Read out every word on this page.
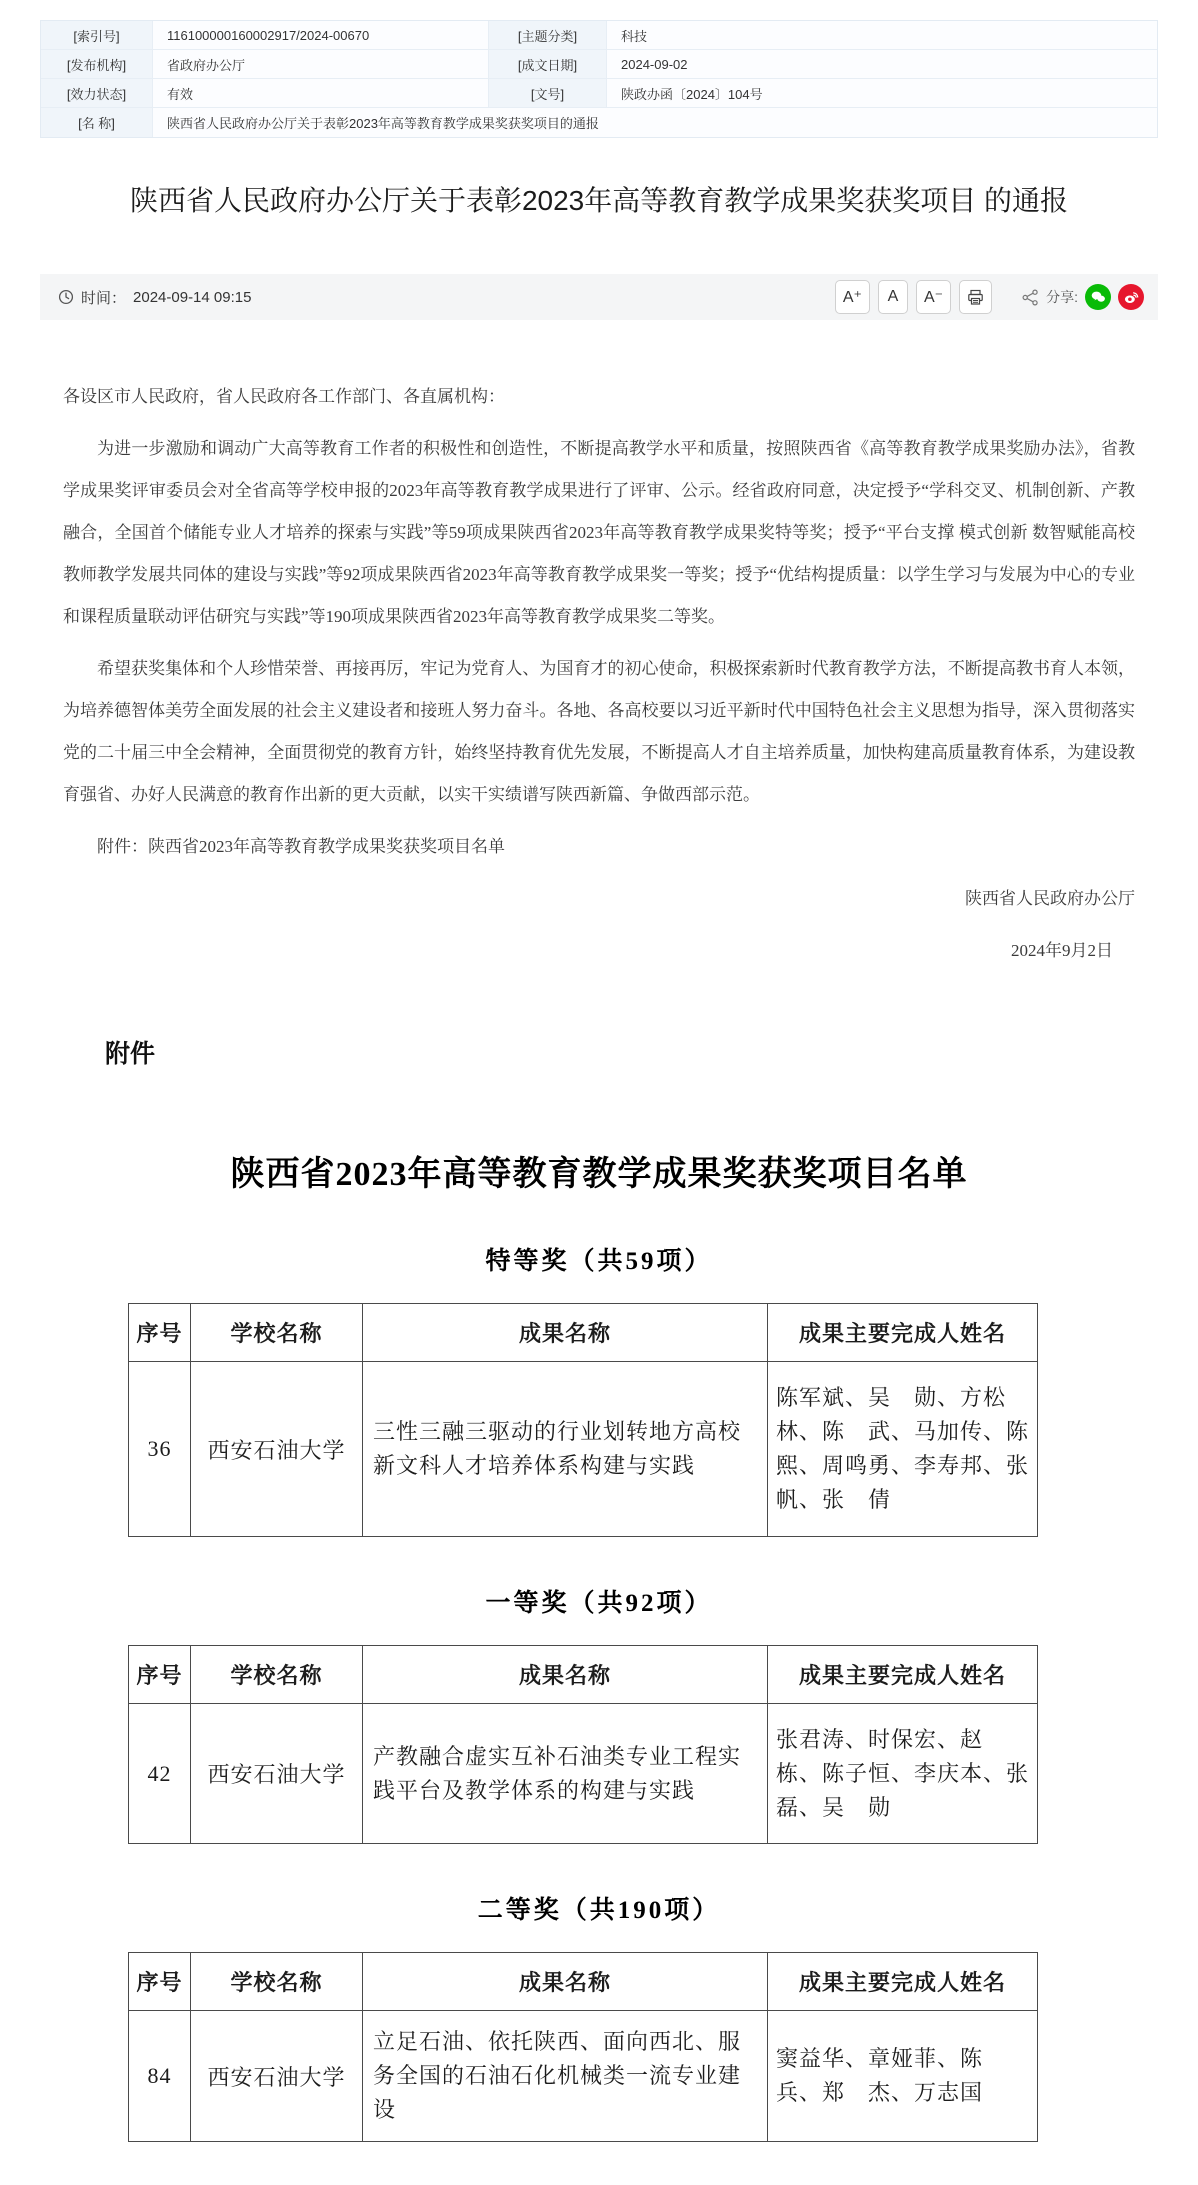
[索引号]	116100000160002917/2024-00670	[主题分类]	科技
[发布机构]	省政府办公厅	[成文日期]	2024-09-02
[效力状态]	有效	[文号]	陕政办函〔2024〕104号
[名 称]	陕西省人民政府办公厅关于表彰2023年高等教育教学成果奖获奖项目的通报
陕西省人民政府办公厅关于表彰2023年高等教育教学成果奖获奖项目 的通报
时间： 2024-09-14 09:15	A⁺	A	A⁻	分享:

各设区市人民政府，省人民政府各工作部门、各直属机构：

为进一步激励和调动广大高等教育工作者的积极性和创造性，不断提高教学水平和质量，按照陕西省《高等教育教学成果奖励办法》，省教学成果奖评审委员会对全省高等学校申报的2023年高等教育教学成果进行了评审、公示。经省政府同意，决定授予“学科交叉、机制创新、产教融合，全国首个储能专业人才培养的探索与实践”等59项成果陕西省2023年高等教育教学成果奖特等奖；授予“平台支撑 模式创新 数智赋能高校教师教学发展共同体的建设与实践”等92项成果陕西省2023年高等教育教学成果奖一等奖；授予“优结构提质量：以学生学习与发展为中心的专业和课程质量联动评估研究与实践”等190项成果陕西省2023年高等教育教学成果奖二等奖。

希望获奖集体和个人珍惜荣誉、再接再厉，牢记为党育人、为国育才的初心使命，积极探索新时代教育教学方法，不断提高教书育人本领，为培养德智体美劳全面发展的社会主义建设者和接班人努力奋斗。各地、各高校要以习近平新时代中国特色社会主义思想为指导，深入贯彻落实党的二十届三中全会精神，全面贯彻党的教育方针，始终坚持教育优先发展，不断提高人才自主培养质量，加快构建高质量教育体系，为建设教育强省、办好人民满意的教育作出新的更大贡献，以实干实绩谱写陕西新篇、争做西部示范。

附件：陕西省2023年高等教育教学成果奖获奖项目名单

陕西省人民政府办公厅

2024年9月2日

附件
陕西省2023年高等教育教学成果奖获奖项目名单
特等奖（共59项）
序号	学校名称	成果名称	成果主要完成人姓名
36	西安石油大学	三性三融三驱动的行业划转地方高校新文科人才培养体系构建与实践	陈军斌、吴　勋、方松林、陈　武、马加传、陈　熙、周鸣勇、李寿邦、张　帆、张　倩
一等奖（共92项）
序号	学校名称	成果名称	成果主要完成人姓名
42	西安石油大学	产教融合虚实互补石油类专业工程实践平台及教学体系的构建与实践	张君涛、时保宏、赵　栋、陈子恒、李庆本、张　磊、吴　勋
二等奖（共190项）
序号	学校名称	成果名称	成果主要完成人姓名
84	西安石油大学	立足石油、依托陕西、面向西北、服务全国的石油石化机械类一流专业建设	窦益华、章娅菲、陈　兵、郑　杰、万志国
